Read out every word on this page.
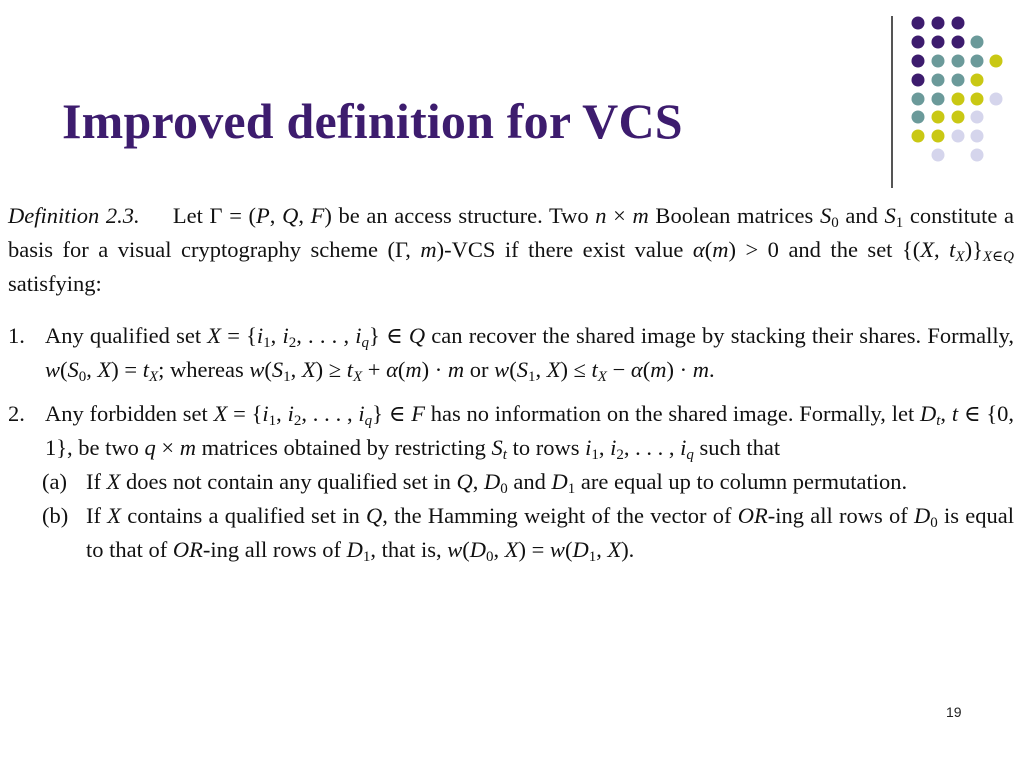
Improved definition for VCS

Definition 2.3.     Let Γ = (P, Q, F) be an access structure. Two n × m Boolean matrices $S_0$ and $S_1$ constitute a basis for a visual cryptography scheme (Γ, m)-VCS if there exist value α(m) > 0 and the set {(X, $t_X)\}_{X\in Q}$ satisfying:

1. Any qualified set $X = \{i_1$, $i_2$, . . . , $i_q$} ∈ Q can recover the shared image by stacking their shares. Formally, $w(S_0$, $X) = t_X$; whereas $w(S_1$, $X) \ge t_X + \alpha(m) \cdot m$ or $w(S_1$, $X) \le t_X - \alpha(m) \cdot m$.
2. Any forbidden set $X = \{i_1$, $i_2$, . . . , $i_q$} ∈ F has no information on the shared image. Formally, let $D_t$, t ∈ {0, 1}, be two q × m matrices obtained by restricting $S_t$ to rows $i_1$, $i_2$, . . . , $i_q$ such that
(a) If X does not contain any qualified set in Q, $D_0$ and $D_1$ are equal up to column permutation.
(b) If X contains a qualified set in Q, the Hamming weight of the vector of OR-ing all rows of $D_0$ is equal to that of OR-ing all rows of $D_1$, that is, $w(D_0$, $X) = w(D_1$, X).
19
